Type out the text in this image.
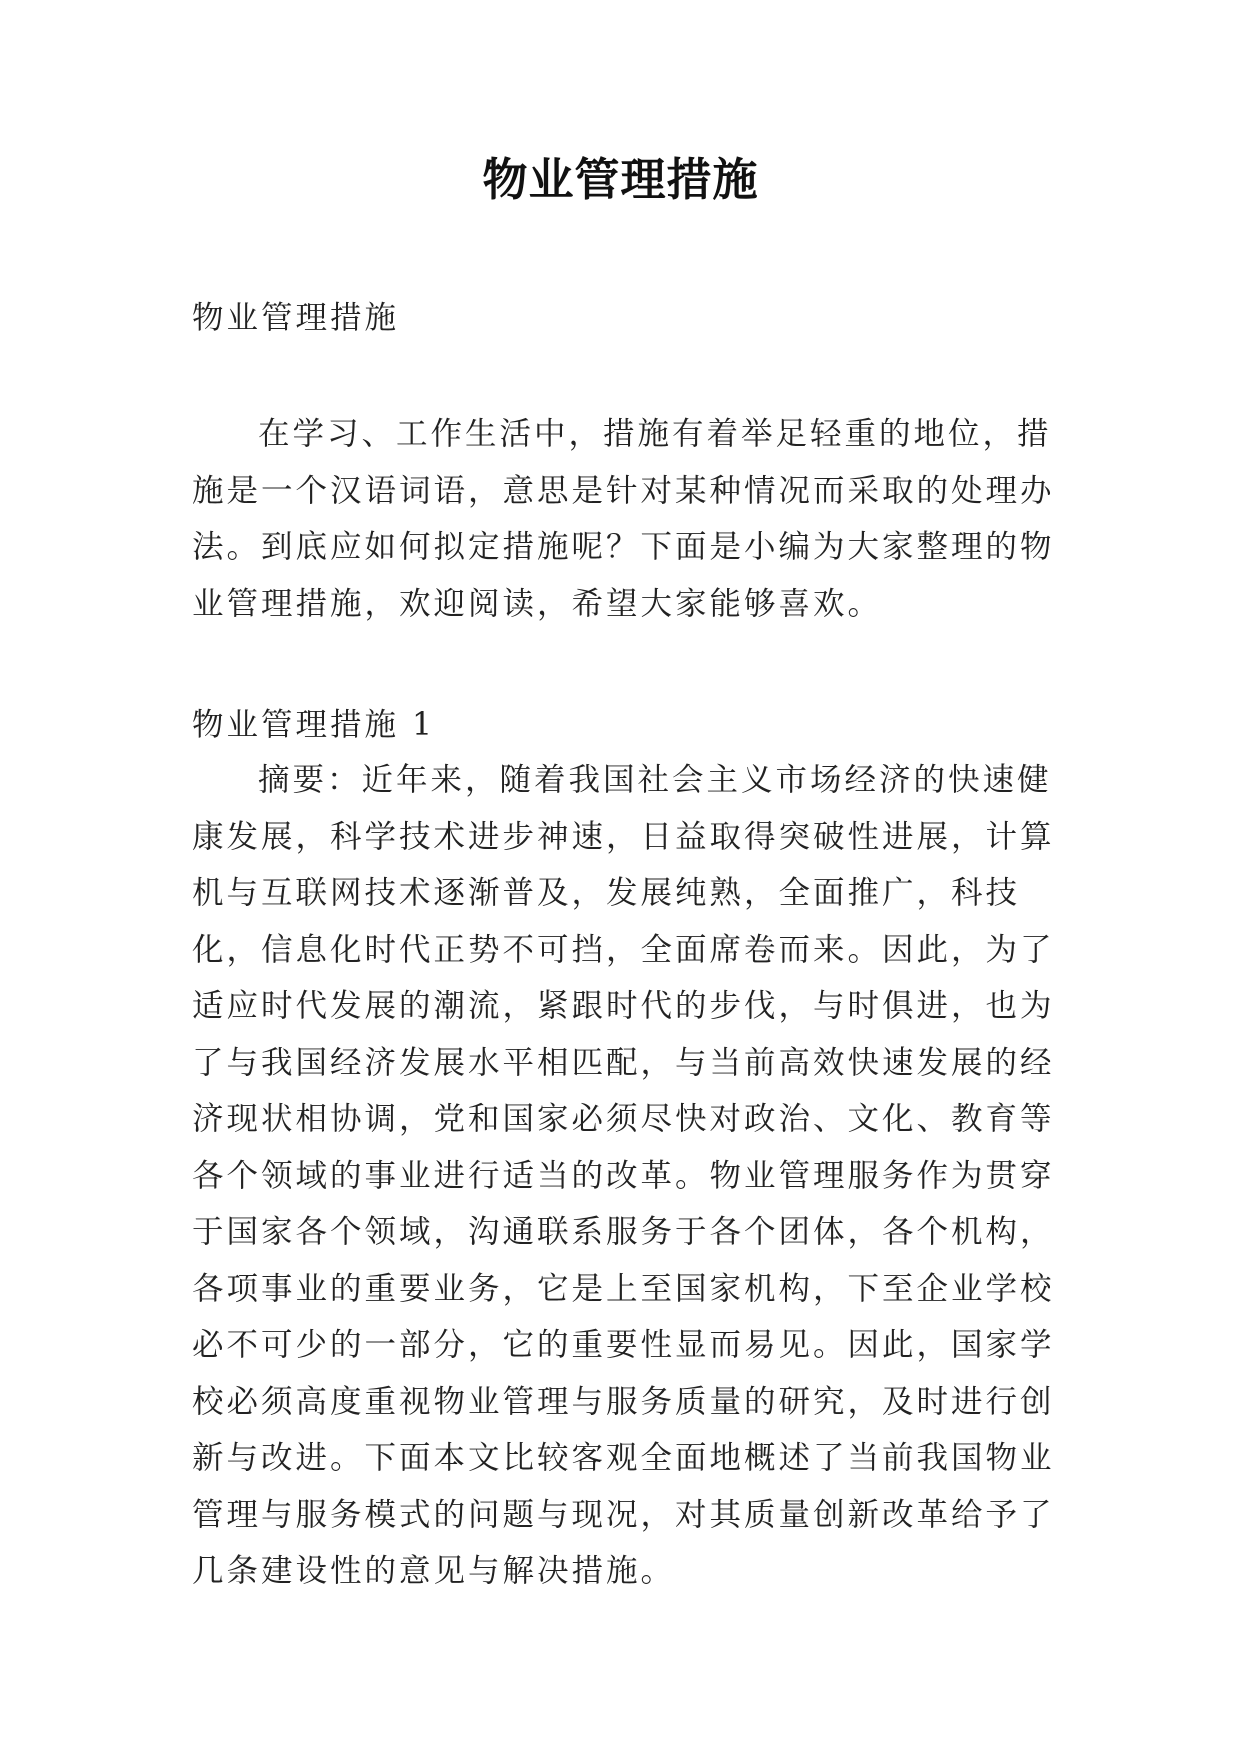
物业管理措施

物业管理措施

在学习、工作生活中，措施有着举足轻重的地位，措施是一个汉语词语，意思是针对某种情况而采取的处理办法。到底应如何拟定措施呢？下面是小编为大家整理的物业管理措施，欢迎阅读，希望大家能够喜欢。

物业管理措施 1

摘要：近年来，随着我国社会主义市场经济的快速健康发展，科学技术进步神速，日益取得突破性进展，计算机与互联网技术逐渐普及，发展纯熟，全面推广，科技化，信息化时代正势不可挡，全面席卷而来。因此，为了适应时代发展的潮流，紧跟时代的步伐，与时俱进，也为了与我国经济发展水平相匹配，与当前高效快速发展的经济现状相协调，党和国家必须尽快对政治、文化、教育等各个领域的事业进行适当的改革。物业管理服务作为贯穿于国家各个领域，沟通联系服务于各个团体，各个机构，各项事业的重要业务，它是上至国家机构，下至企业学校必不可少的一部分，它的重要性显而易见。因此，国家学校必须高度重视物业管理与服务质量的研究，及时进行创新与改进。下面本文比较客观全面地概述了当前我国物业管理与服务模式的问题与现况，对其质量创新改革给予了几条建设性的意见与解决措施。
